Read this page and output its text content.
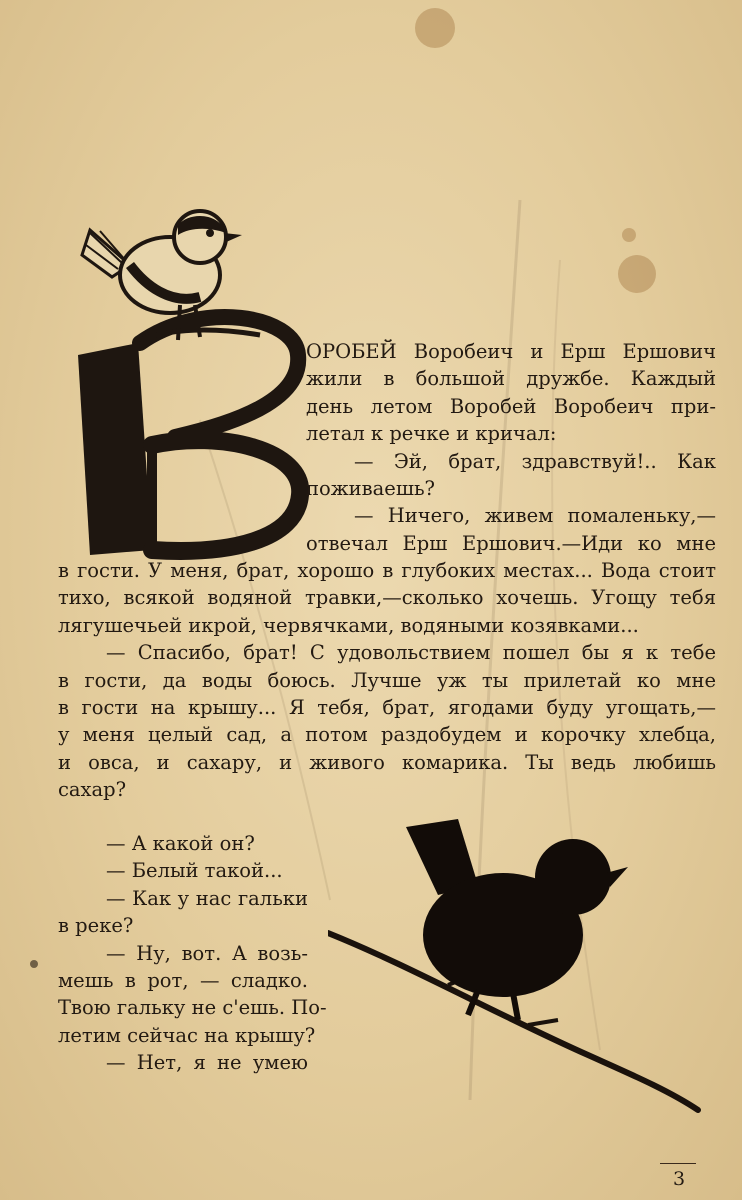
ОРОБЕЙ Воробеич и Ерш Ершович
жили в большой дружбе. Каждый
день летом Воробей Воробеич при-
летал к речке и кричал:
— Эй, брат, здравствуй!.. Как
поживаешь?
— Ничего, живем помаленьку,—
отвечал Ерш Ершович.—Иди ко мне
в гости. У меня, брат, хорошо в глубоких местах... Вода стоит
тихо, всякой водяной травки,—сколько хочешь. Угощу тебя
лягушечьей икрой, червячками, водяными козявками...
— Спасибо, брат! С удовольствием пошел бы я к тебе
в гости, да воды боюсь. Лучше уж ты прилетай ко мне
в гости на крышу... Я тебя, брат, ягодами буду угощать,—
у меня целый сад, а потом раздобудем и корочку хлебца,
и овса, и сахару, и живого комарика. Ты ведь любишь
сахар?
— А какой он?
— Белый такой...
— Как у нас гальки
в реке?
— Ну, вот. А возь-
мешь в рот, — сладко.
Твою гальку не с'ешь. По-
летим сейчас на крышу?
— Нет, я не умею
3
